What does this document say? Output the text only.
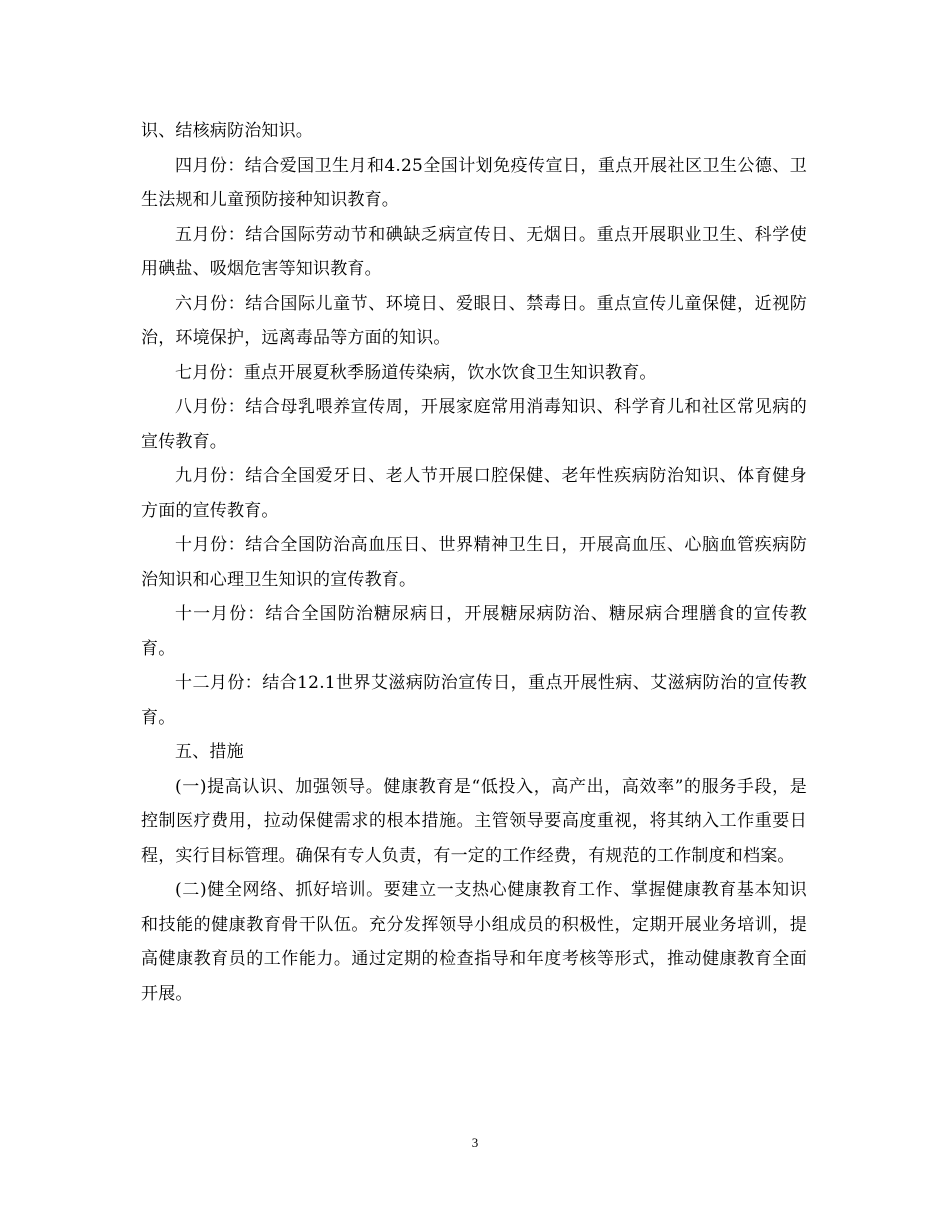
识、结核病防治知识。

四月份：结合爱国卫生月和4.25全国计划免疫传宣日，重点开展社区卫生公德、卫生法规和儿童预防接种知识教育。

五月份：结合国际劳动节和碘缺乏病宣传日、无烟日。重点开展职业卫生、科学使用碘盐、吸烟危害等知识教育。

六月份：结合国际儿童节、环境日、爱眼日、禁毒日。重点宣传儿童保健，近视防治，环境保护，远离毒品等方面的知识。

七月份：重点开展夏秋季肠道传染病，饮水饮食卫生知识教育。

八月份：结合母乳喂养宣传周，开展家庭常用消毒知识、科学育儿和社区常见病的宣传教育。

九月份：结合全国爱牙日、老人节开展口腔保健、老年性疾病防治知识、体育健身方面的宣传教育。

十月份：结合全国防治高血压日、世界精神卫生日，开展高血压、心脑血管疾病防治知识和心理卫生知识的宣传教育。

十一月份：结合全国防治糖尿病日，开展糖尿病防治、糖尿病合理膳食的宣传教育。

十二月份：结合12.1世界艾滋病防治宣传日，重点开展性病、艾滋病防治的宣传教育。

五、措施

(一)提高认识、加强领导。健康教育是“低投入，高产出，高效率”的服务手段，是控制医疗费用，拉动保健需求的根本措施。主管领导要高度重视，将其纳入工作重要日程，实行目标管理。确保有专人负责，有一定的工作经费，有规范的工作制度和档案。

(二)健全网络、抓好培训。要建立一支热心健康教育工作、掌握健康教育基本知识和技能的健康教育骨干队伍。充分发挥领导小组成员的积极性，定期开展业务培训，提高健康教育员的工作能力。通过定期的检查指导和年度考核等形式，推动健康教育全面开展。

3
